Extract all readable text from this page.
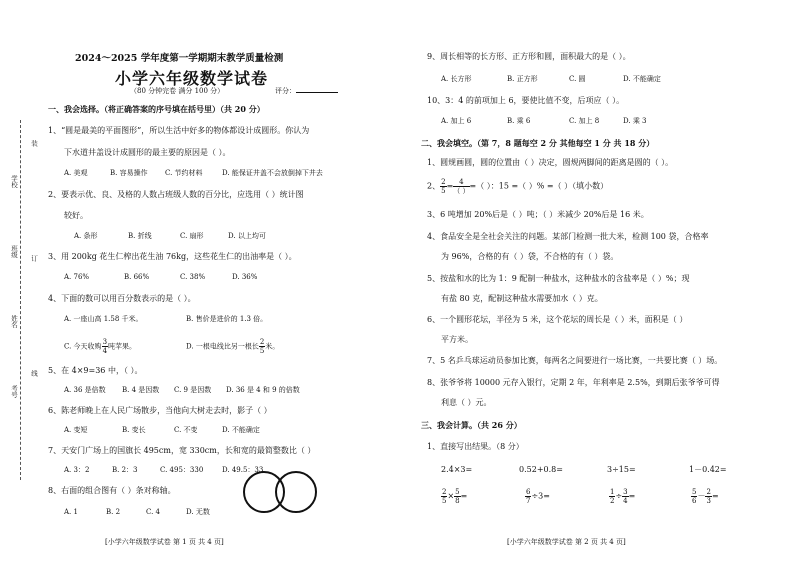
装
订
线
学校
班级
姓名
考号
2024～2025 学年度第一学期期末教学质量检测
小学六年级数学试卷
（80 分钟完卷 满分 100 分）	评分：
一、我会选择。（将正确答案的序号填在括号里）（共 20 分）
1、“圆是最美的平面图形”，所以生活中好多的物体都设计成圆形。你认为
下水道井盖设计成圆形的最主要的原因是（ ）。
A. 美观	B. 容易操作 C. 节约材料	D. 能保证井盖不会放倒掉下井去
2、要表示优、良、及格的人数占班级人数的百分比，应选用（ ）统计图
较好。
A. 条形	B. 折线	C. 扇形	D. 以上均可
3、用 200kg 花生仁榨出花生油 76kg，这些花生仁的出油率是（ ）。
A. 76%	B. 66%	C. 38%	D. 36%
4、下面的数可以用百分数表示的是（ ）。
A. 一座山高 1.58 千米。	B. 售价是进价的 1.3 倍。
C. 今天收购 $\frac{3}{4}$ 吨苹果。	D. 一根电线比另一根长 $\frac{2}{5}$ 米。
5、在 4×9=36 中，（ ）。
A. 36 是倍数 B. 4 是因数 C. 9 是因数 D. 36 是 4 和 9 的倍数
6、陈老师晚上在人民广场散步，当他向大树走去时，影子（ ）
A. 变短	B. 变长	C. 不变	D. 不能确定
7、天安门广场上的国旗长 495cm，宽 330cm，长和宽的最简整数比（ ）
A. 3：2	B. 2：3	C. 495：330	D. 49.5：33
8、右面的组合图有（ ）条对称轴。
A. 1	B. 2	C. 4	D. 无数
[小学六年级数学试卷 第 1 页 共 4 页]
9、周长相等的长方形、正方形和圆，面积最大的是（ ）。
A. 长方形	B. 正方形	C. 圆	D. 不能确定
10、3：4 的前项加上 6，要使比值不变，后项应（ ）。
A. 加上 6	B. 乘 6	C. 加上 8	D. 乘 3
二、我会填空。（第 7，8 题每空 2 分 其他每空 1 分 共 18 分）
1、圆规画圆，圆的位置由（ ）决定，圆规两脚间的距离是圆的（ ）。
2、 $\frac{2}{5} = \frac{4}{( )}$ =（ ）：15 =（ ）% =（ ）（填小数）
3、6 吨增加 20%后是（ ）吨；（ ）米减少 20%后是 16 米。
4、食品安全是全社会关注的问题。某部门检测一批大米，检测 100 袋，合格率
为 96%，合格的有（ ）袋，不合格的有（ ）袋。
5、按盐和水的比为 1：9 配制一种盐水，这种盐水的含盐率是（ ）%；现
有盐 80 克，配制这种盐水需要加水（ ）克。
6、一个圆形花坛，半径为 5 米，这个花坛的周长是（ ）米，面积是（ ）
平方米。
7、5 名乒乓球运动员参加比赛，每两名之间要进行一场比赛，一共要比赛（ ）场。
8、张爷爷将 10000 元存入银行，定期 2 年，年利率是 2.5%，到期后张爷爷可得
利息（ ）元。
三、我会计算。（共 26 分）
1、直接写出结果。（8 分）
2.4×3=	0.52+0.8=	3÷15=	1－0.42=
$\frac{2}{5} \times \frac{5}{8}$ =	$\frac{6}{7} \div 3=$	$\frac{1}{2} \div \frac{3}{4}$ =	$\frac{5}{6} - \frac{2}{3}$ =
[小学六年级数学试卷 第 2 页 共 4 页]
